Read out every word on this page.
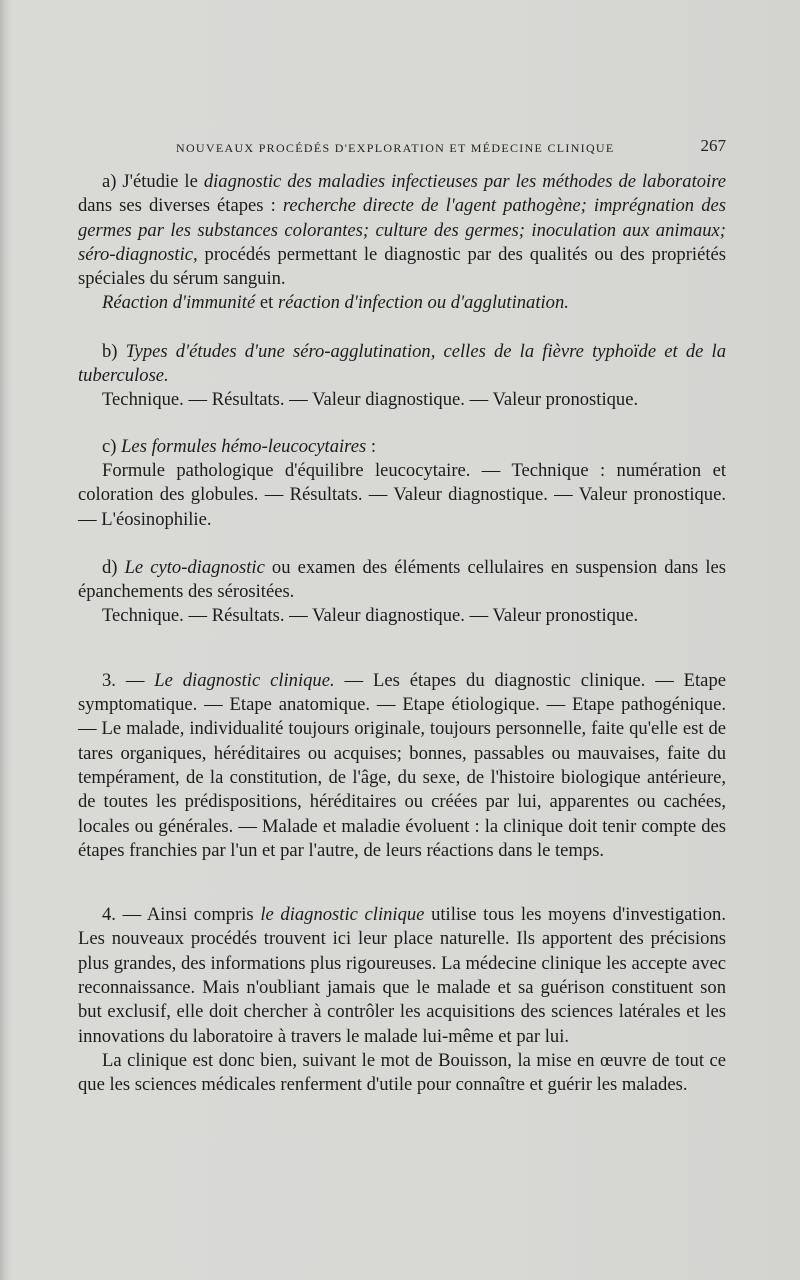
NOUVEAUX PROCÉDÉS D'EXPLORATION ET MÉDECINE CLINIQUE	267

a) J'étudie le diagnostic des maladies infectieuses par les méthodes de laboratoire dans ses diverses étapes : recherche directe de l'agent pathogène; imprégnation des germes par les substances colorantes; culture des germes; inoculation aux animaux; séro-diagnostic, procédés permettant le diagnostic par des qualités ou des propriétés spéciales du sérum sanguin.

Réaction d'immunité et réaction d'infection ou d'agglutination.

b) Types d'études d'une séro-agglutination, celles de la fièvre typhoïde et de la tuberculose.

Technique. — Résultats. — Valeur diagnostique. — Valeur pronostique.

c) Les formules hémo-leucocytaires :

Formule pathologique d'équilibre leucocytaire. — Technique : numération et coloration des globules. — Résultats. — Valeur diagnostique. — Valeur pronostique. — L'éosinophilie.

d) Le cyto-diagnostic ou examen des éléments cellulaires en suspension dans les épanchements des sérositées.

Technique. — Résultats. — Valeur diagnostique. — Valeur pronostique.

3. — Le diagnostic clinique. — Les étapes du diagnostic clinique. — Etape symptomatique. — Etape anatomique. — Etape étiologique. — Etape pathogénique. — Le malade, individualité toujours originale, toujours personnelle, faite qu'elle est de tares organiques, héréditaires ou acquises; bonnes, passables ou mauvaises, faite du tempérament, de la constitution, de l'âge, du sexe, de l'histoire biologique antérieure, de toutes les prédispositions, héréditaires ou créées par lui, apparentes ou cachées, locales ou générales. — Malade et maladie évoluent : la clinique doit tenir compte des étapes franchies par l'un et par l'autre, de leurs réactions dans le temps.

4. — Ainsi compris le diagnostic clinique utilise tous les moyens d'investigation. Les nouveaux procédés trouvent ici leur place naturelle. Ils apportent des précisions plus grandes, des informations plus rigoureuses. La médecine clinique les accepte avec reconnaissance. Mais n'oubliant jamais que le malade et sa guérison constituent son but exclusif, elle doit chercher à contrôler les acquisitions des sciences latérales et les innovations du laboratoire à travers le malade lui-même et par lui.

La clinique est donc bien, suivant le mot de Bouisson, la mise en œuvre de tout ce que les sciences médicales renferment d'utile pour connaître et guérir les malades.
